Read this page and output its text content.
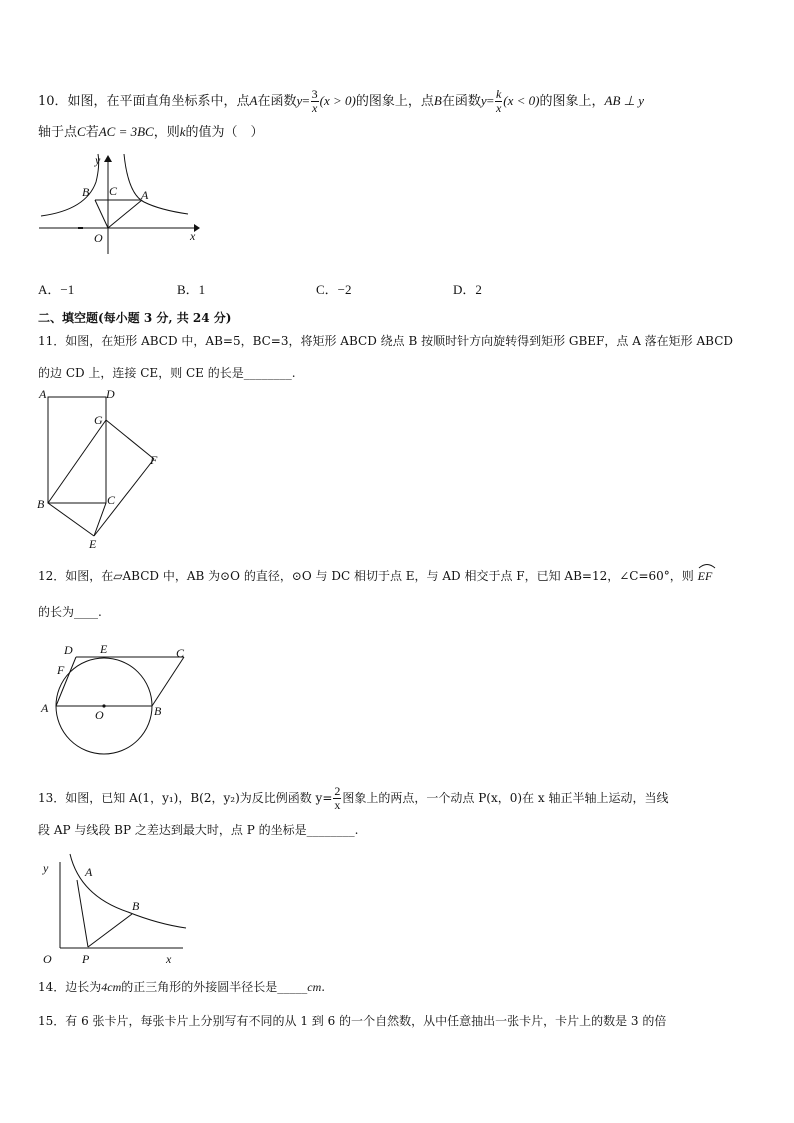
10．如图，在平面直角坐标系中，点A在函数$y= \frac{3}{x} (x > 0)$的图象上，点B在函数$y= \frac{k}{x} (x < 0)$的图象上，AB ⊥ y
轴于点C若AC = 3BC，则k的值为（　）
y
x
B C A
O
A．−1	B．1	C．−2	D．2
二、填空题(每小题 3 分, 共 24 分)
11．如图，在矩形 ABCD 中，AB=5，BC=3，将矩形 ABCD 绕点 B 按顺时针方向旋转得到矩形 GBEF，点 A 落在矩形 ABCD
的边 CD 上，连接 CE，则 CE 的长是________.
A	D
G
F
B	C
E
12．如图，在▱ABCD 中，AB 为⊙O 的直径，⊙O 与 DC 相切于点 E，与 AD 相交于点 F，已知 AB=12，∠C=60°，则 EF
的长为____.
D E	C
F
A	O	B
13．如图，已知 A(1，y₁)，B(2，y₂)为反比例函数 $y= \frac{2}{x}$ 图象上的两点，一个动点 P(x，0)在 x 轴正半轴上运动，当线
段 AP 与线段 BP 之差达到最大时，点 P 的坐标是________.
y	A
B
O	P	x
14．边长为4cm的正三角形的外接圆半径长是_____cm.
15．有 6 张卡片，每张卡片上分别写有不同的从 1 到 6 的一个自然数，从中任意抽出一张卡片，卡片上的数是 3 的倍
